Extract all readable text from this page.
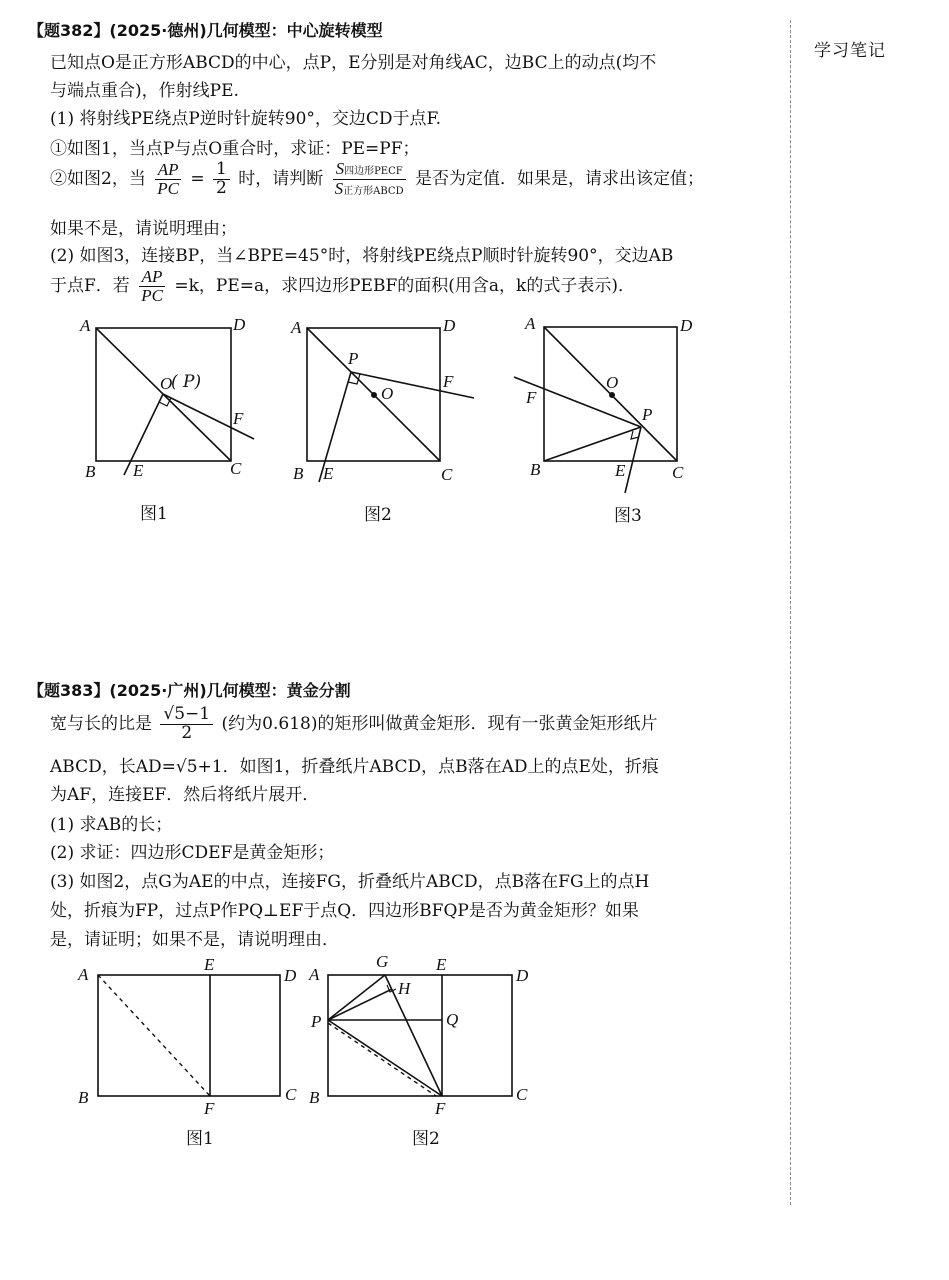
学习笔记
【题382】(2025·德州)几何模型：中心旋转模型
已知点O是正方形ABCD的中心，点P，E分别是对角线AC，边BC上的动点(均不
与端点重合)，作射线PE.
(1) 将射线PE绕点P逆时针旋转90°，交边CD于点F.
①如图1，当点P与点O重合时，求证：PE=PF；
②如图2，当 $\frac{AP}{PC} = \frac{1}{2}$ 时，请判断 $\frac{\text{S四边形PECF}}{\text{S正方形ABCD}}$ 是否为定值．如果是，请求出该定值；
如果不是，请说明理由；
(2) 如图3，连接BP，当∠BPE=45°时，将射线PE绕点P顺时针旋转90°，交边AB
于点F．若 $\frac{AP}{PC} =k$，PE=a，求四边形PEBF的面积(用含a，k的式子表示)．
A	D
B	C
O
( P)
E
F
图1
A	D
B	C
O
P
E
F
图2
A	D
B	C
O
P
E
F
图3
【题383】(2025·广州)几何模型：黄金分割
宽与长的比是 $\frac{√5-1}{2}$ (约为0.618)的矩形叫做黄金矩形．现有一张黄金矩形纸片
ABCD，长AD=√5+1．如图1，折叠纸片ABCD，点B落在AD上的点E处，折痕
为AF，连接EF．然后将纸片展开．
(1) 求AB的长；
(2) 求证：四边形CDEF是黄金矩形；
(3) 如图2，点G为AE的中点，连接FG，折叠纸片ABCD，点B落在FG上的点H
处，折痕为FP，过点P作PQ⊥EF于点Q．四边形BFQP是否为黄金矩形？如果
是，请证明；如果不是，请说明理由．
A
E
D
B
F
C
图1
A
G	E
D
H
P	Q
B
F
C
图2
